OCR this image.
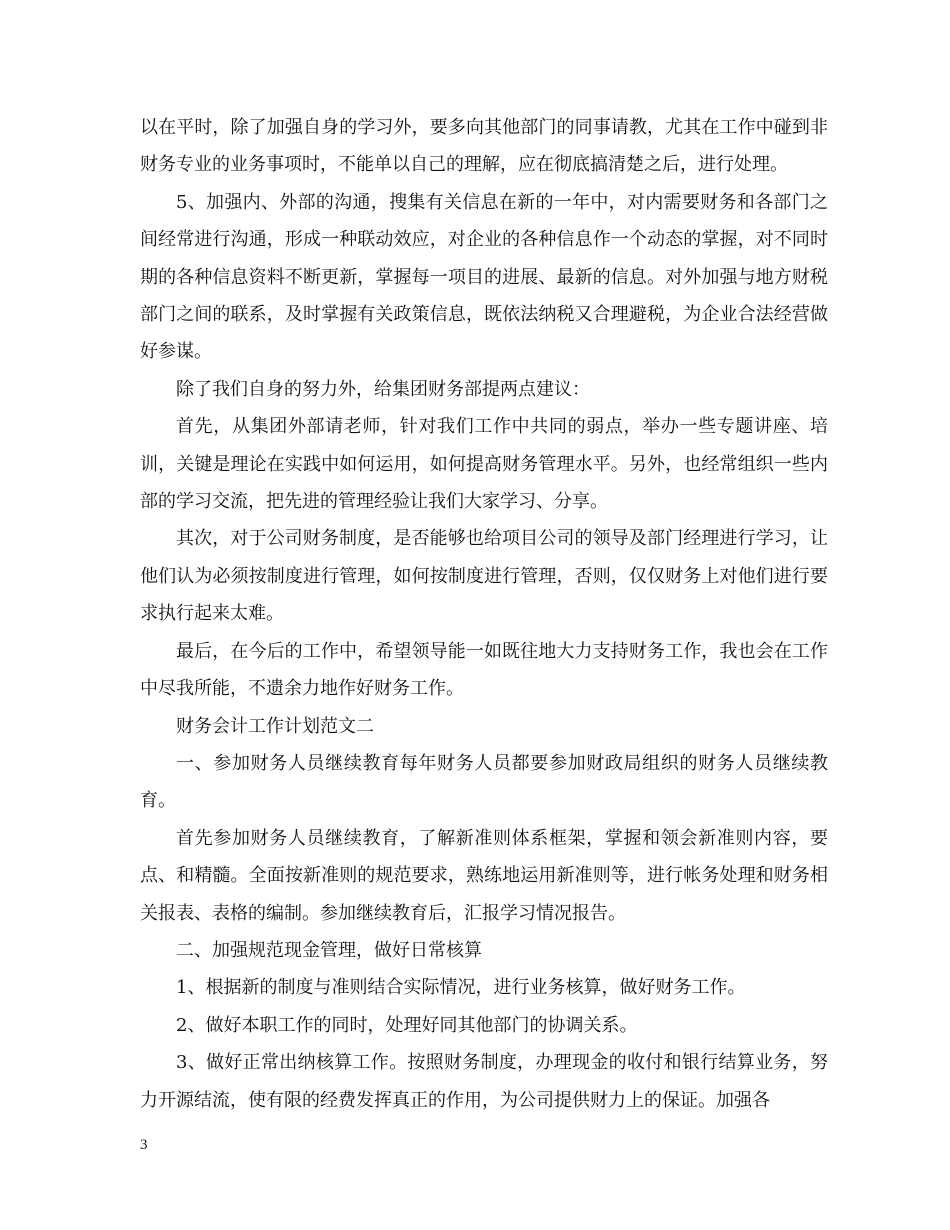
以在平时，除了加强自身的学习外，要多向其他部门的同事请教，尤其在工作中碰到非财务专业的业务事项时，不能单以自己的理解，应在彻底搞清楚之后，进行处理。

5、加强内、外部的沟通，搜集有关信息在新的一年中，对内需要财务和各部门之间经常进行沟通，形成一种联动效应，对企业的各种信息作一个动态的掌握，对不同时期的各种信息资料不断更新，掌握每一项目的进展、最新的信息。对外加强与地方财税部门之间的联系，及时掌握有关政策信息，既依法纳税又合理避税，为企业合法经营做好参谋。

除了我们自身的努力外，给集团财务部提两点建议：

首先，从集团外部请老师，针对我们工作中共同的弱点，举办一些专题讲座、培训，关键是理论在实践中如何运用，如何提高财务管理水平。另外，也经常组织一些内部的学习交流，把先进的管理经验让我们大家学习、分享。

其次，对于公司财务制度，是否能够也给项目公司的领导及部门经理进行学习，让他们认为必须按制度进行管理，如何按制度进行管理，否则，仅仅财务上对他们进行要求执行起来太难。

最后，在今后的工作中，希望领导能一如既往地大力支持财务工作，我也会在工作中尽我所能，不遗余力地作好财务工作。

财务会计工作计划范文二

一、参加财务人员继续教育每年财务人员都要参加财政局组织的财务人员继续教育。

首先参加财务人员继续教育，了解新准则体系框架，掌握和领会新准则内容，要点、和精髓。全面按新准则的规范要求，熟练地运用新准则等，进行帐务处理和财务相关报表、表格的编制。参加继续教育后，汇报学习情况报告。

二、加强规范现金管理，做好日常核算

1、根据新的制度与准则结合实际情况，进行业务核算，做好财务工作。

2、做好本职工作的同时，处理好同其他部门的协调关系。

3、做好正常出纳核算工作。按照财务制度，办理现金的收付和银行结算业务，努力开源结流，使有限的经费发挥真正的作用，为公司提供财力上的保证。加强各

3
